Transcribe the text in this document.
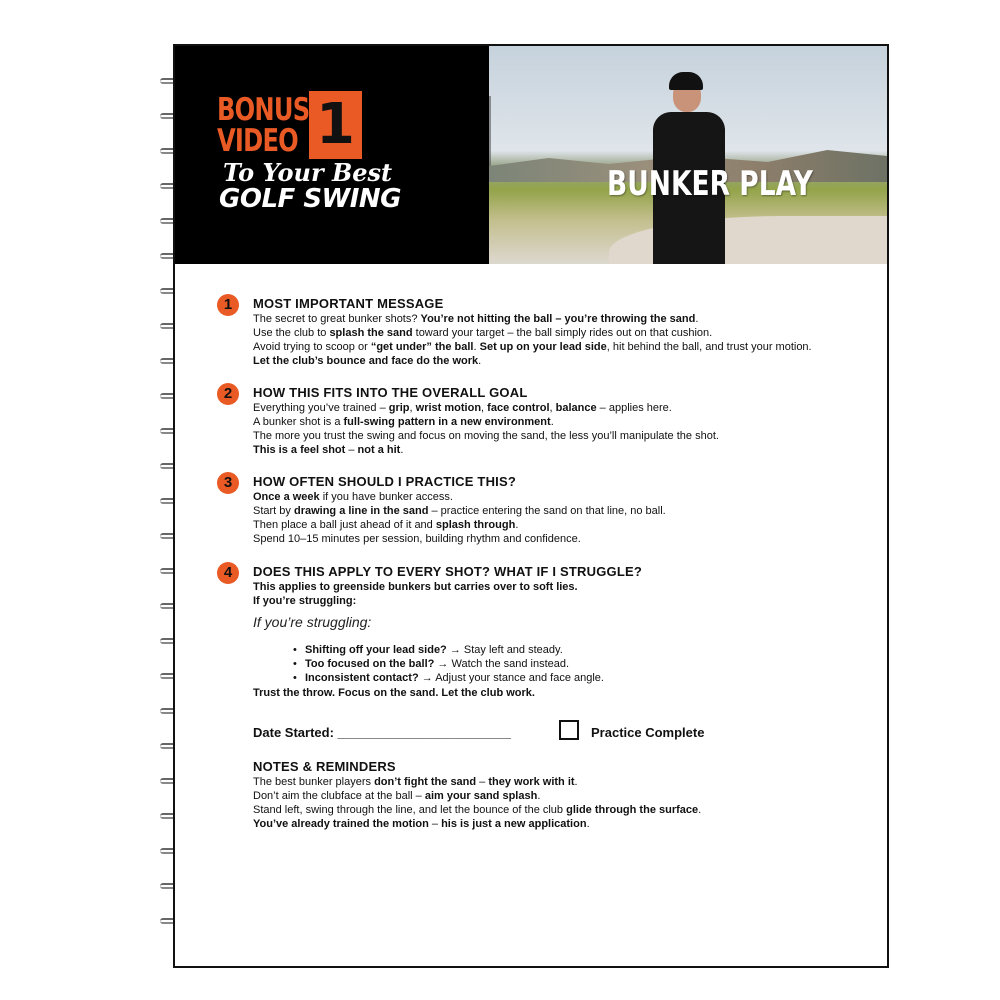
BONUS
VIDEO 1
To Your Best
GOLF SWING	BUNKER PLAY
1	MOST IMPORTANT MESSAGE
The secret to great bunker shots? You’re not hitting the ball – you’re throwing the sand.
Use the club to splash the sand toward your target – the ball simply rides out on that cushion.
Avoid trying to scoop or “get under” the ball. Set up on your lead side, hit behind the ball, and trust your motion.
Let the club’s bounce and face do the work.
2	HOW THIS FITS INTO THE OVERALL GOAL
Everything you’ve trained – grip, wrist motion, face control, balance – applies here.
A bunker shot is a full-swing pattern in a new environment.
The more you trust the swing and focus on moving the sand, the less you’ll manipulate the shot.
This is a feel shot – not a hit.
3	HOW OFTEN SHOULD I PRACTICE THIS?
Once a week if you have bunker access.
Start by drawing a line in the sand – practice entering the sand on that line, no ball.
Then place a ball just ahead of it and splash through.
Spend 10–15 minutes per session, building rhythm and confidence.
4	DOES THIS APPLY TO EVERY SHOT? WHAT IF I STRUGGLE?
This applies to greenside bunkers but carries over to soft lies.
If you’re struggling:
If you’re struggling:
• Shifting off your lead side? → Stay left and steady.
• Too focused on the ball? → Watch the sand instead.
• Inconsistent contact? → Adjust your stance and face angle.
Trust the throw. Focus on the sand. Let the club work.
Date Started: ________________________	Practice Complete
NOTES & REMINDERS
The best bunker players don’t fight the sand – they work with it.
Don’t aim the clubface at the ball – aim your sand splash.
Stand left, swing through the line, and let the bounce of the club glide through the surface.
You’ve already trained the motion – his is just a new application.
